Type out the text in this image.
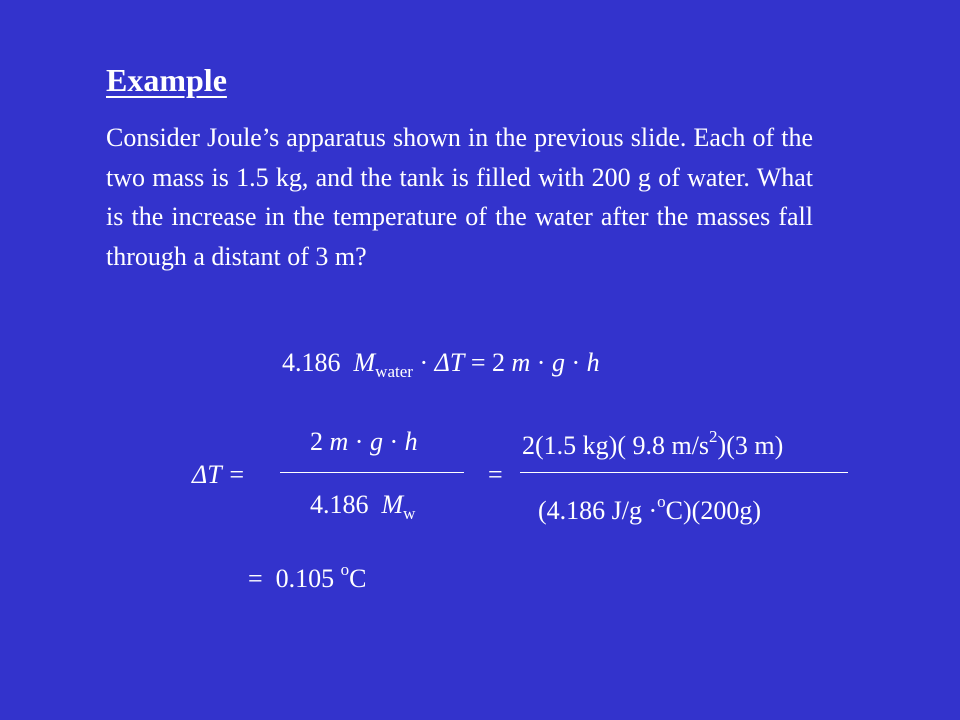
Example
Consider Joule’s apparatus shown in the previous slide. Each of the two mass is 1.5 kg, and the tank is filled with 200 g of water. What is the increase in the temperature of the water after the masses fall through a distant of 3 m?
4.186 $M_{water} \cdot \Delta T = 2$ m · g · h
ΔT =
2 m · g · h
4.186 $M_w$
=
2(1.5 kg)( 9.8 $m/s^2)(3$ m)
(4.186 J/g ·$^o$C)(200g)
= 0.105 $^o$C
